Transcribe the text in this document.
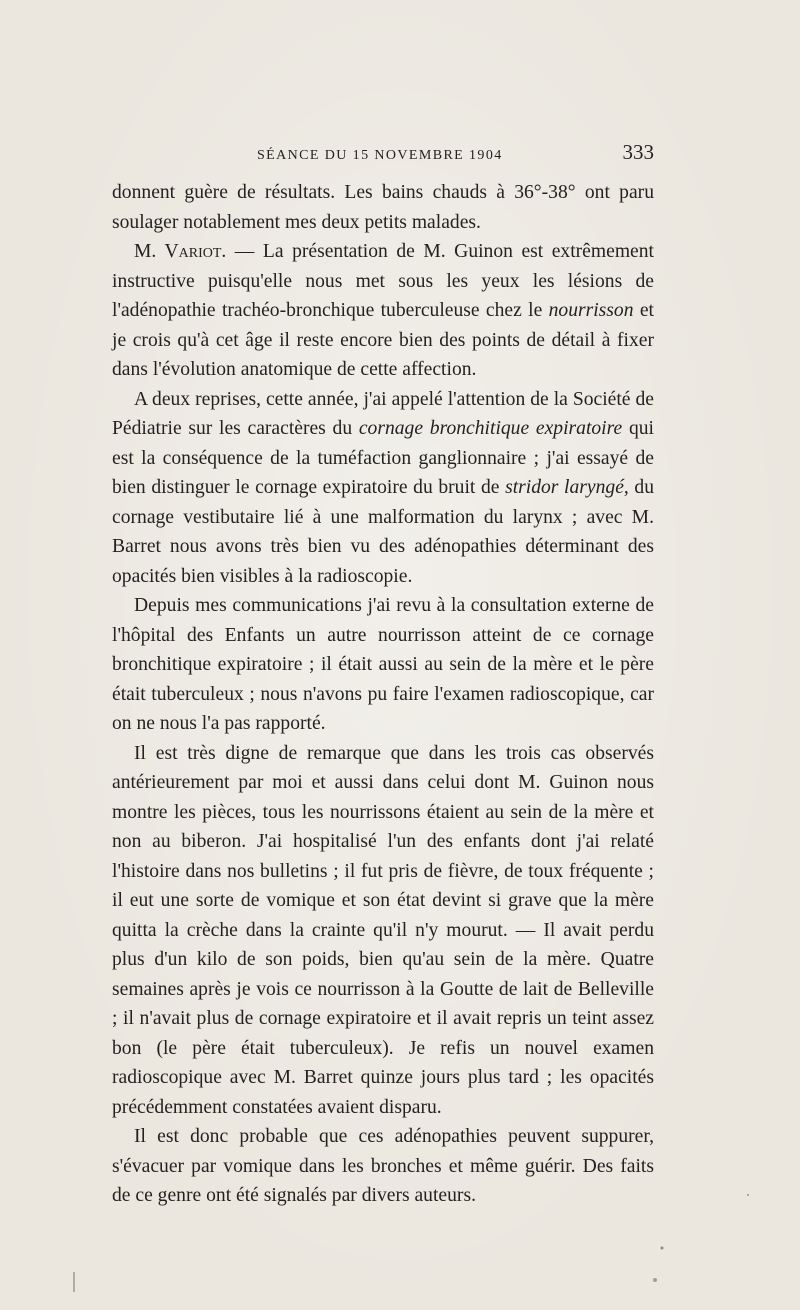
SÉANCE DU 15 NOVEMBRE 1904	333

donnent guère de résultats. Les bains chauds à 36°-38° ont paru soulager notablement mes deux petits malades.

M. Variot. — La présentation de M. Guinon est extrêmement instructive puisqu'elle nous met sous les yeux les lésions de l'adénopathie trachéo-bronchique tuberculeuse chez le nourrisson et je crois qu'à cet âge il reste encore bien des points de détail à fixer dans l'évolution anatomique de cette affection.

A deux reprises, cette année, j'ai appelé l'attention de la Société de Pédiatrie sur les caractères du cornage bronchitique expiratoire qui est la conséquence de la tuméfaction ganglionnaire ; j'ai essayé de bien distinguer le cornage expiratoire du bruit de stridor laryngé, du cornage vestibutaire lié à une malformation du larynx ; avec M. Barret nous avons très bien vu des adénopathies déterminant des opacités bien visibles à la radioscopie.

Depuis mes communications j'ai revu à la consultation externe de l'hôpital des Enfants un autre nourrisson atteint de ce cornage bronchitique expiratoire ; il était aussi au sein de la mère et le père était tuberculeux ; nous n'avons pu faire l'examen radioscopique, car on ne nous l'a pas rapporté.

Il est très digne de remarque que dans les trois cas observés antérieurement par moi et aussi dans celui dont M. Guinon nous montre les pièces, tous les nourrissons étaient au sein de la mère et non au biberon. J'ai hospitalisé l'un des enfants dont j'ai relaté l'histoire dans nos bulletins ; il fut pris de fièvre, de toux fréquente ; il eut une sorte de vomique et son état devint si grave que la mère quitta la crèche dans la crainte qu'il n'y mourut. — Il avait perdu plus d'un kilo de son poids, bien qu'au sein de la mère. Quatre semaines après je vois ce nourrisson à la Goutte de lait de Belleville ; il n'avait plus de cornage expiratoire et il avait repris un teint assez bon (le père était tuberculeux). Je refis un nouvel examen radioscopique avec M. Barret quinze jours plus tard ; les opacités précédemment constatées avaient disparu.

Il est donc probable que ces adénopathies peuvent suppurer, s'évacuer par vomique dans les bronches et même guérir. Des faits de ce genre ont été signalés par divers auteurs.
